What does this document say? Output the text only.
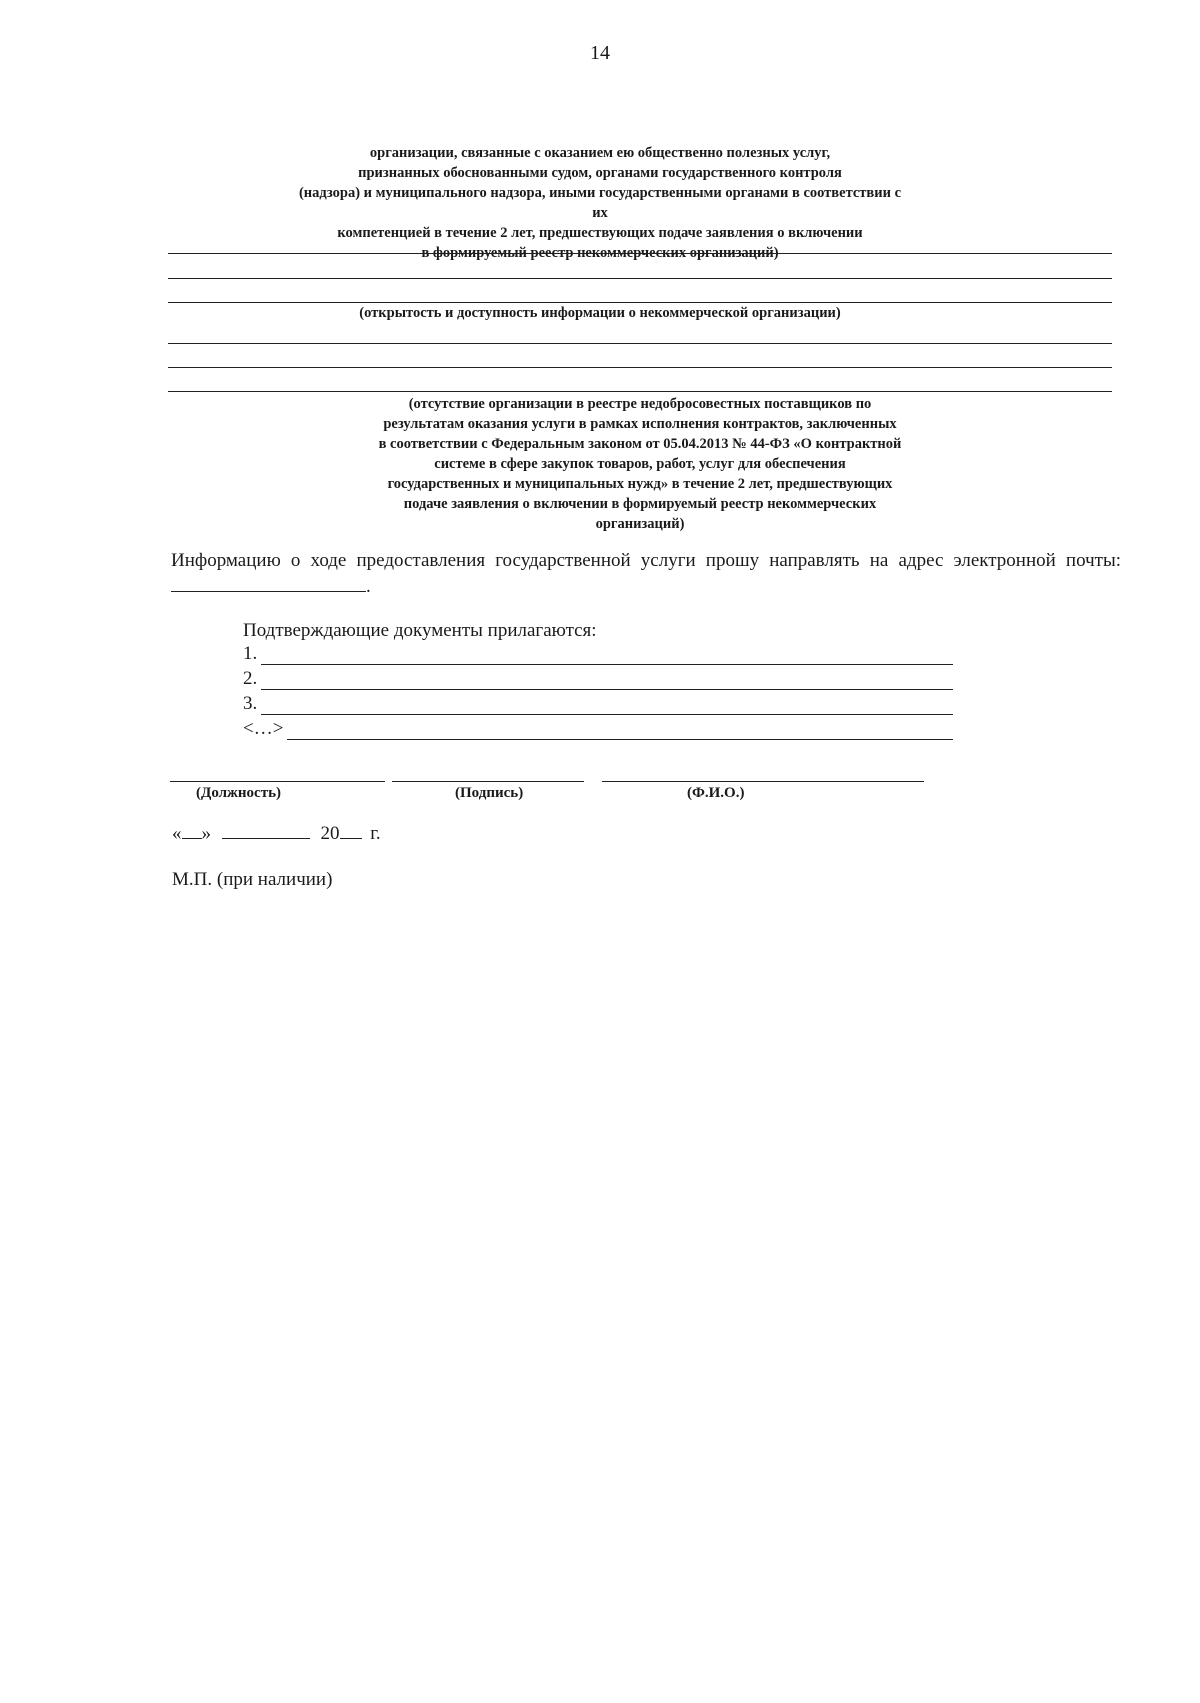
14
организации, связанные с оказанием ею общественно полезных услуг,
признанных обоснованными судом, органами государственного контроля
(надзора) и муниципального надзора, иными государственными органами в соответствии с их
компетенцией в течение 2 лет, предшествующих подаче заявления о включении
в формируемый реестр некоммерческих организаций)
(открытость и доступность информации о некоммерческой организации)
(отсутствие организации в реестре недобросовестных поставщиков по
результатам оказания услуги в рамках исполнения контрактов, заключенных
в соответствии с Федеральным законом от 05.04.2013 № 44-ФЗ «О контрактной
системе в сфере закупок товаров, работ, услуг для обеспечения
государственных и муниципальных нужд» в течение 2 лет, предшествующих
подаче заявления о включении в формируемый реестр некоммерческих
организаций)
Информацию о ходе предоставления государственной услуги прошу направлять на адрес электронной почты: .
Подтверждающие документы прилагаются:
1.
2.
3.
<…>
(Должность)	(Подпись)	(Ф.И.О.)
« »	20 г.
М.П. (при наличии)
